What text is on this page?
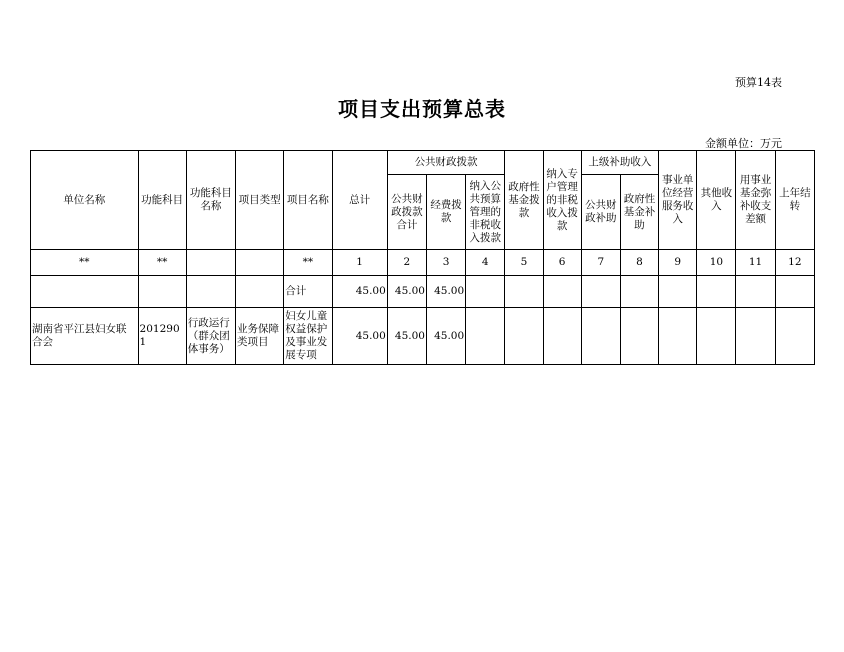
预算14表
项目支出预算总表
金额单位：万元
单位名称	功能科目	功能科目名称	项目类型	项目名称	总计	公共财政拨款			政府性基金拨款	纳入专户管理的非税收入拨款	上级补助收入		事业单位经营服务收入	其他收入	用事业基金弥补收支差额	上年结转
						公共财政拨款合计	经费拨款	纳入公共预算管理的非税收入拨款			公共财政补助	政府性基金补助				
**	**			**	1	2	3	4	5	6	7	8	9	10	11	12
				合计	45.00	45.00	45.00									
湖南省平江县妇女联合会	2012901	行政运行（群众团体事务）	业务保障类项目	妇女儿童权益保护及事业发展专项	45.00	45.00	45.00									
